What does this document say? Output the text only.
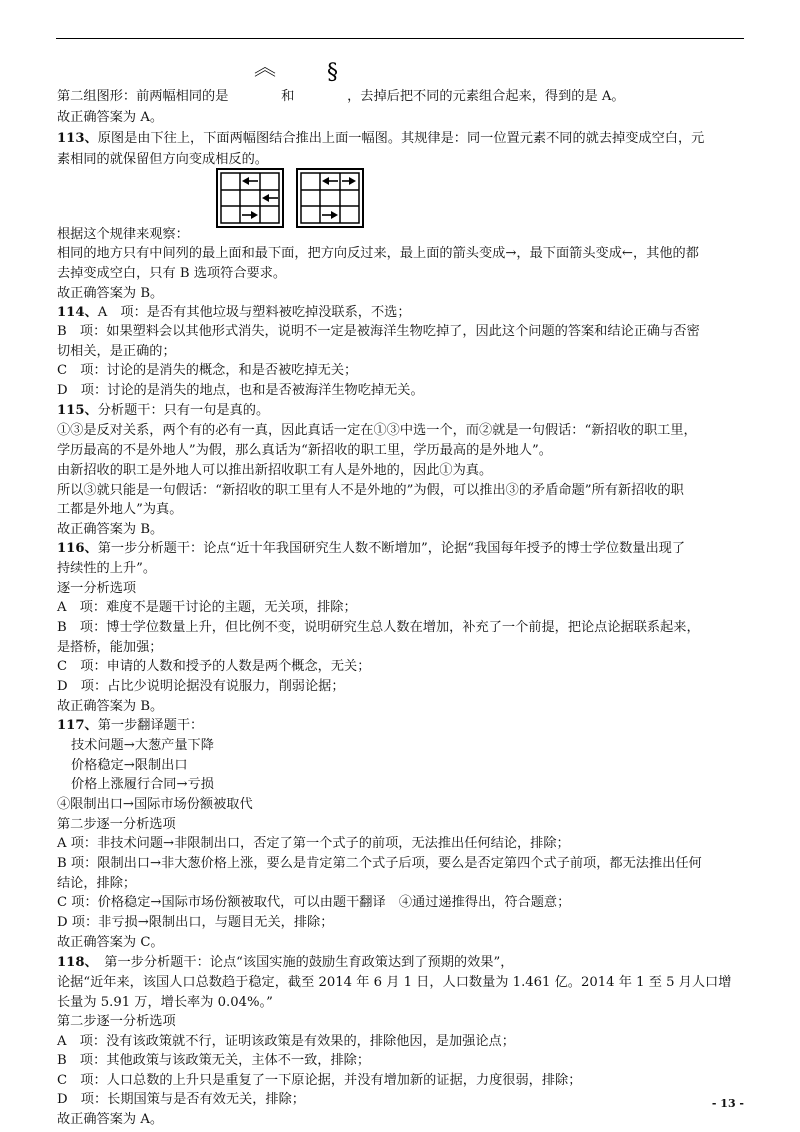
︽ §
第二组图形：前两幅相同的是　　　　和　　　　，去掉后把不同的元素组合起来，得到的是 A。
故正确答案为 A。
113、原图是由下往上，下面两幅图结合推出上面一幅图。其规律是：同一位置元素不同的就去掉变成空白，元
素相同的就保留但方向变成相反的。
根据这个规律来观察：
相同的地方只有中间列的最上面和最下面，把方向反过来，最上面的箭头变成→，最下面箭头变成←，其他的都
去掉变成空白，只有 B 选项符合要求。
故正确答案为 B。
114、A　项：是否有其他垃圾与塑料被吃掉没联系，不选；
B　项：如果塑料会以其他形式消失，说明不一定是被海洋生物吃掉了，因此这个问题的答案和结论正确与否密
切相关，是正确的；
C　项：讨论的是消失的概念，和是否被吃掉无关；
D　项：讨论的是消失的地点，也和是否被海洋生物吃掉无关。
115、分析题干：只有一句是真的。
①③是反对关系，两个有的必有一真，因此真话一定在①③中选一个，而②就是一句假话：“新招收的职工里，
学历最高的不是外地人”为假，那么真话为“新招收的职工里，学历最高的是外地人”。
由新招收的职工是外地人可以推出新招收职工有人是外地的，因此①为真。
所以③就只能是一句假话：“新招收的职工里有人不是外地的”为假，可以推出③的矛盾命题”所有新招收的职
工都是外地人”为真。
故正确答案为 B。
116、第一步分析题干：论点“近十年我国研究生人数不断增加”，论据“我国每年授予的博士学位数量出现了
持续性的上升”。
逐一分析选项
A　项：难度不是题干讨论的主题，无关项，排除；
B　项：博士学位数量上升，但比例不变，说明研究生总人数在增加，补充了一个前提，把论点论据联系起来，
是搭桥，能加强；
C　项：申请的人数和授予的人数是两个概念，无关；
D　项：占比少说明论据没有说服力，削弱论据；
故正确答案为 B。
117、第一步翻译题干：
技术问题→大葱产量下降
价格稳定→限制出口
价格上涨履行合同→亏损
④限制出口→国际市场份额被取代
第二步逐一分析选项
A 项：非技术问题→非限制出口，否定了第一个式子的前项，无法推出任何结论，排除；
B 项：限制出口→非大葱价格上涨，要么是肯定第二个式子后项，要么是否定第四个式子前项，都无法推出任何
结论，排除；
C 项：价格稳定→国际市场份额被取代，可以由题干翻译　④通过递推得出，符合题意；
D 项：非亏损→限制出口，与题目无关，排除；
故正确答案为 C。
118、　第一步分析题干：论点“该国实施的鼓励生育政策达到了预期的效果”，
论据“近年来，该国人口总数趋于稳定，截至 2014 年 6 月 1 日，人口数量为 1.461 亿。2014 年 1 至 5 月人口增
长量为 5.91 万，增长率为 0.04%。”
第二步逐一分析选项
A　项：没有该政策就不行，证明该政策是有效果的，排除他因，是加强论点；
B　项：其他政策与该政策无关，主体不一致，排除；
C　项：人口总数的上升只是重复了一下原论据，并没有增加新的证据，力度很弱，排除；
D　项：长期国策与是否有效无关，排除；
故正确答案为 A。
- 13 -
